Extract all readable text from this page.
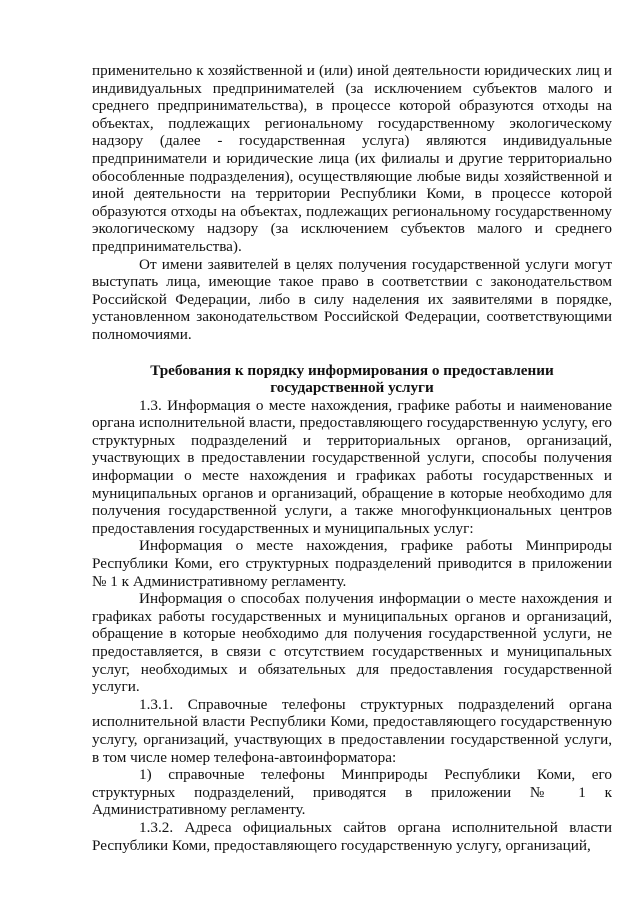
применительно к хозяйственной и (или) иной деятельности юридических лиц и индивидуальных предпринимателей (за исключением субъектов малого и среднего предпринимательства), в процессе которой образуются отходы на объектах, подлежащих региональному государственному экологическому надзору (далее - государственная услуга) являются индивидуальные предприниматели и юридические лица (их филиалы и другие территориально обособленные подразделения), осуществляющие любые виды хозяйственной и иной деятельности на территории Республики Коми, в процессе которой образуются отходы на объектах, подлежащих региональному государственному экологическому надзору (за исключением субъектов малого и среднего предпринимательства).

От имени заявителей в целях получения государственной услуги могут выступать лица, имеющие такое право в соответствии с законодательством Российской Федерации, либо в силу наделения их заявителями в порядке, установленном законодательством Российской Федерации, соответствующими полномочиями.

Требования к порядку информирования о предоставлении
государственной услуги

1.3. Информация о месте нахождения, графике работы и наименование органа исполнительной власти, предоставляющего государственную услугу, его структурных подразделений и территориальных органов, организаций, участвующих в предоставлении государственной услуги, способы получения информации о месте нахождения и графиках работы государственных и муниципальных органов и организаций, обращение в которые необходимо для получения государственной услуги, а также многофункциональных центров предоставления государственных и муниципальных услуг:

Информация о месте нахождения, графике работы Минприроды Республики Коми, его структурных подразделений приводится в приложении № 1 к Административному регламенту.

Информация о способах получения информации о месте нахождения и графиках работы государственных и муниципальных органов и организаций, обращение в которые необходимо для получения государственной услуги, не предоставляется, в связи с отсутствием государственных и муниципальных услуг, необходимых и обязательных для предоставления государственной услуги.

1.3.1. Справочные телефоны структурных подразделений органа исполнительной власти Республики Коми, предоставляющего государственную услугу, организаций, участвующих в предоставлении государственной услуги, в том числе номер телефона-автоинформатора:

1) справочные телефоны Минприроды Республики Коми, его структурных подразделений, приводятся в приложении № 1 к Административному регламенту.

1.3.2. Адреса официальных сайтов органа исполнительной власти Республики Коми, предоставляющего государственную услугу, организаций,
